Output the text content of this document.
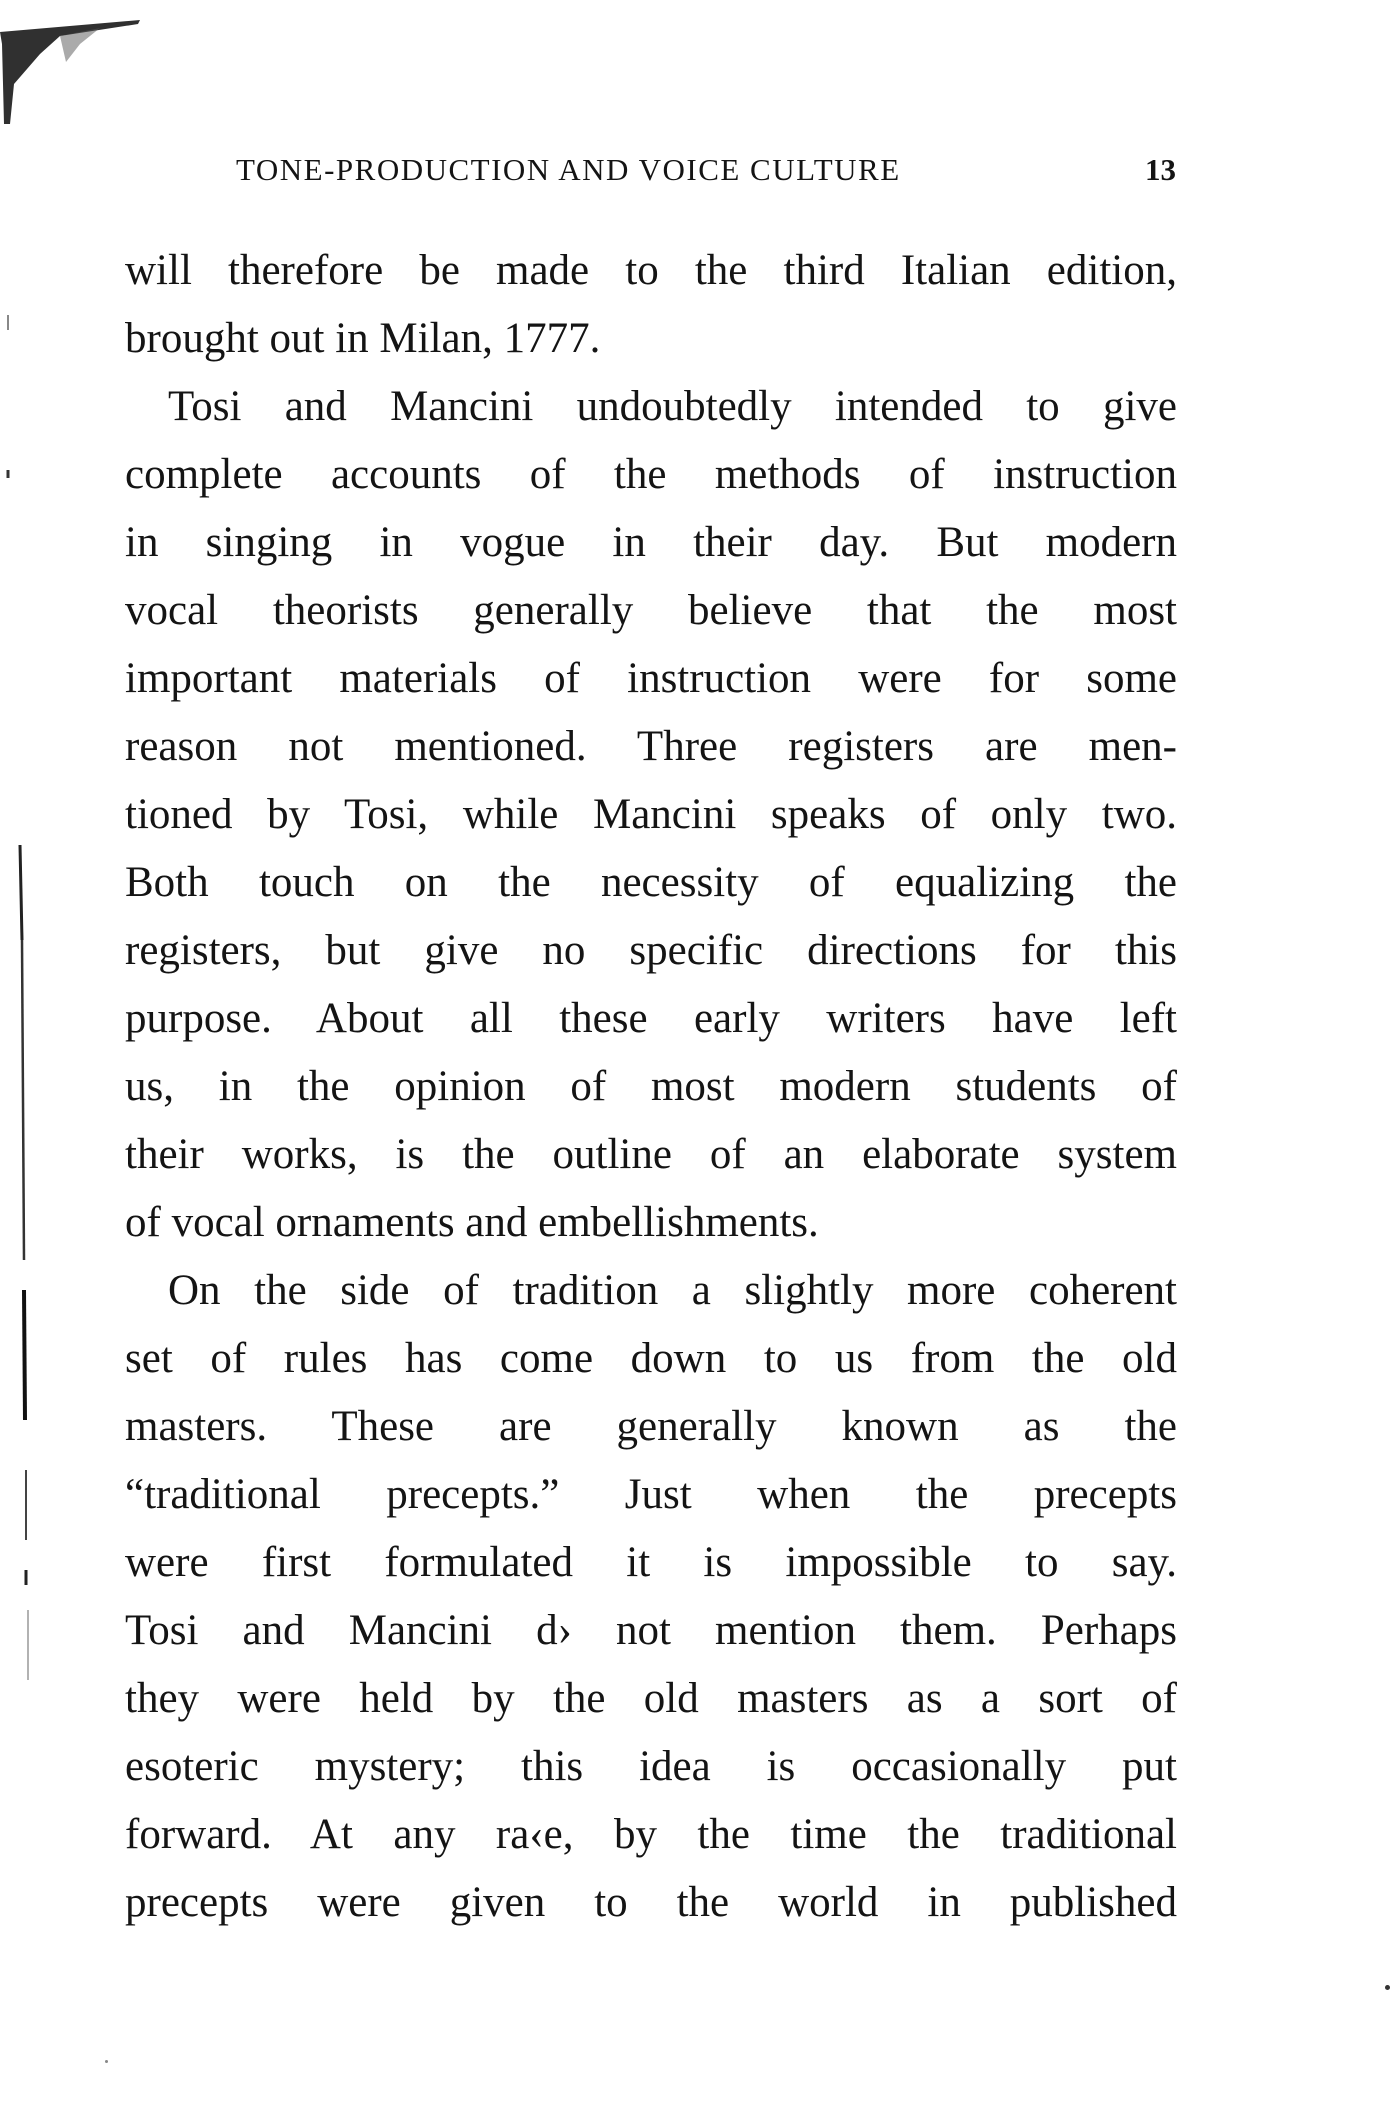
TONE-PRODUCTION AND VOICE CULTURE	13
will therefore be made to the third Italian edition,
brought out in Milan, 1777.
Tosi and Mancini undoubtedly intended to give
complete accounts of the methods of instruction
in singing in vogue in their day. But modern
vocal theorists generally believe that the most
important materials of instruction were for some
reason not mentioned. Three registers are men-
tioned by Tosi, while Mancini speaks of only two.
Both touch on the necessity of equalizing the
registers, but give no specific directions for this
purpose. About all these early writers have left
us, in the opinion of most modern students of
their works, is the outline of an elaborate system
of vocal ornaments and embellishments.
On the side of tradition a slightly more coherent
set of rules has come down to us from the old
masters. These are generally known as the
“traditional precepts.” Just when the precepts
were first formulated it is impossible to say.
Tosi and Mancini d› not mention them. Perhaps
they were held by the old masters as a sort of
esoteric mystery; this idea is occasionally put
forward. At any ra‹e, by the time the traditional
precepts were given to the world in published
